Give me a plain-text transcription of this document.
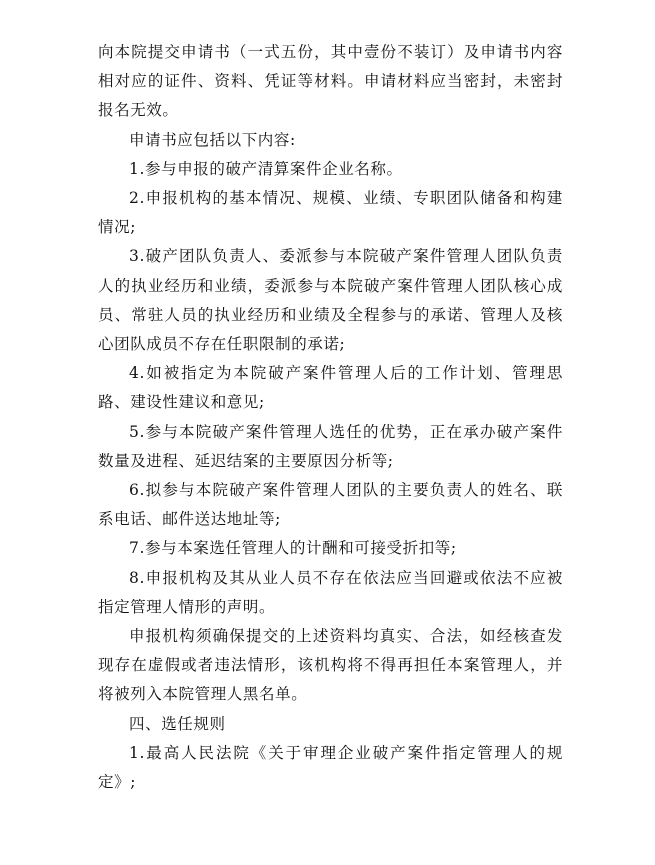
向本院提交申请书（一式五份，其中壹份不装订）及申请书内容相对应的证件、资料、凭证等材料。申请材料应当密封，未密封报名无效。

申请书应包括以下内容:

1.参与申报的破产清算案件企业名称。

2.申报机构的基本情况、规模、业绩、专职团队储备和构建情况;

3.破产团队负责人、委派参与本院破产案件管理人团队负责人的执业经历和业绩，委派参与本院破产案件管理人团队核心成员、常驻人员的执业经历和业绩及全程参与的承诺、管理人及核心团队成员不存在任职限制的承诺;

4.如被指定为本院破产案件管理人后的工作计划、管理思路、建设性建议和意见;

5.参与本院破产案件管理人选任的优势，正在承办破产案件数量及进程、延迟结案的主要原因分析等;

6.拟参与本院破产案件管理人团队的主要负责人的姓名、联系电话、邮件送达地址等;

7.参与本案选任管理人的计酬和可接受折扣等;

8.申报机构及其从业人员不存在依法应当回避或依法不应被指定管理人情形的声明。

申报机构须确保提交的上述资料均真实、合法，如经核查发现存在虚假或者违法情形，该机构将不得再担任本案管理人，并将被列入本院管理人黑名单。

四、选任规则

1.最高人民法院《关于审理企业破产案件指定管理人的规定》;
